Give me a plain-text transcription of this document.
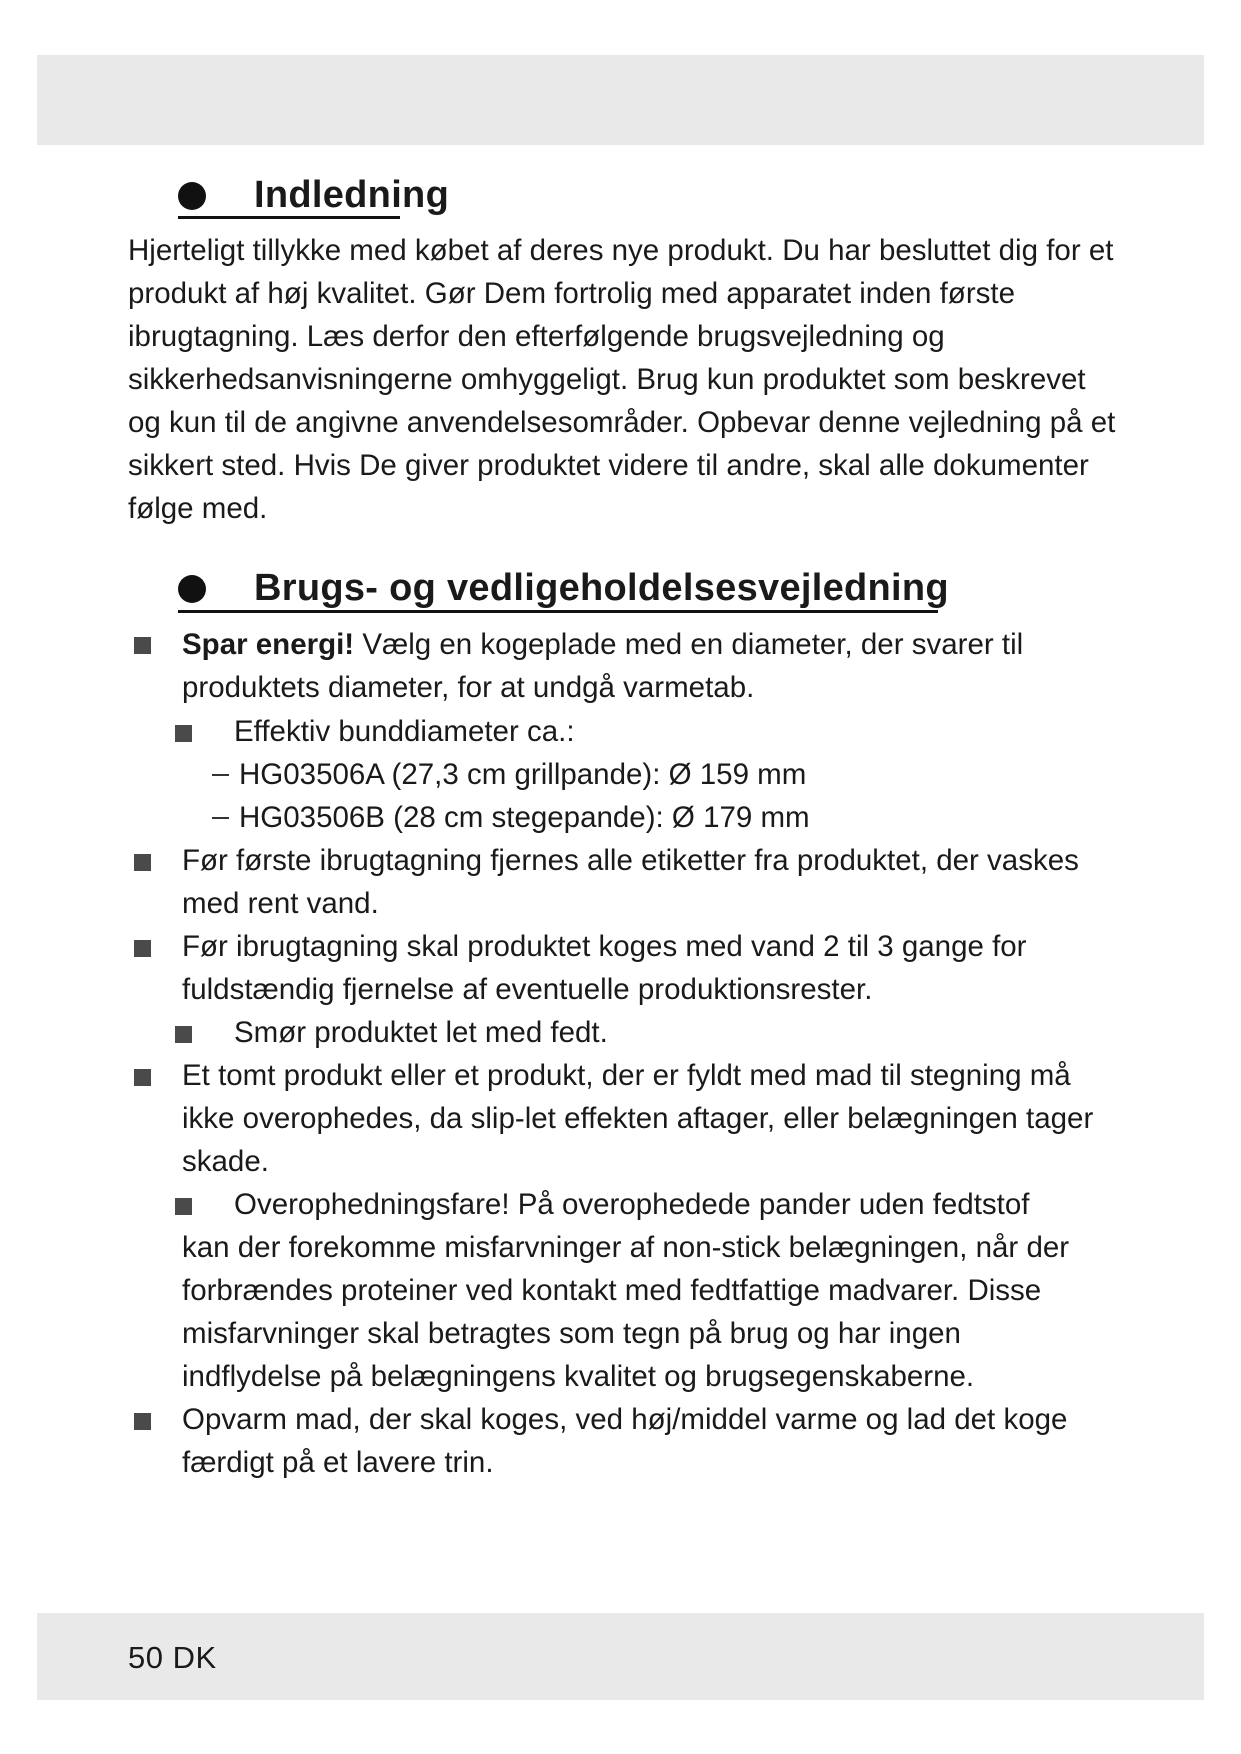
Indledning
Hjerteligt tillykke med købet af deres nye produkt. Du har besluttet dig for et produkt af høj kvalitet. Gør Dem fortrolig med apparatet inden første ibrugtagning. Læs derfor den efterfølgende brugsvejledning og sikkerhedsanvisningerne omhyggeligt. Brug kun produktet som beskrevet og kun til de angivne anvendelsesområder. Opbevar denne vejledning på et sikkert sted. Hvis De giver produktet videre til andre, skal alle dokumenter følge med.
Brugs- og vedligeholdelsesvejledning
Spar energi! Vælg en kogeplade med en diameter, der svarer til produktets diameter, for at undgå varmetab.
Effektiv bunddiameter ca.:
HG03506A (27,3 cm grillpande): Ø 159 mm
HG03506B (28 cm stegepande): Ø 179 mm
Før første ibrugtagning fjernes alle etiketter fra produktet, der vaskes med rent vand.
Før ibrugtagning skal produktet koges med vand 2 til 3 gange for fuldstændig fjernelse af eventuelle produktionsrester.
Smør produktet let med fedt.
Et tomt produkt eller et produkt, der er fyldt med mad til stegning må ikke overophedes, da slip-let effekten aftager, eller belægningen tager skade.
Overophedningsfare! På overophedede pander uden fedtstof kan der forekomme misfarvninger af non-stick belægningen, når der forbrændes proteiner ved kontakt med fedtfattige madvarer. Disse misfarvninger skal betragtes som tegn på brug og har ingen indflydelse på belægningens kvalitet og brugsegenskaberne.
Opvarm mad, der skal koges, ved høj/middel varme og lad det koge færdigt på et lavere trin.
50 DK
